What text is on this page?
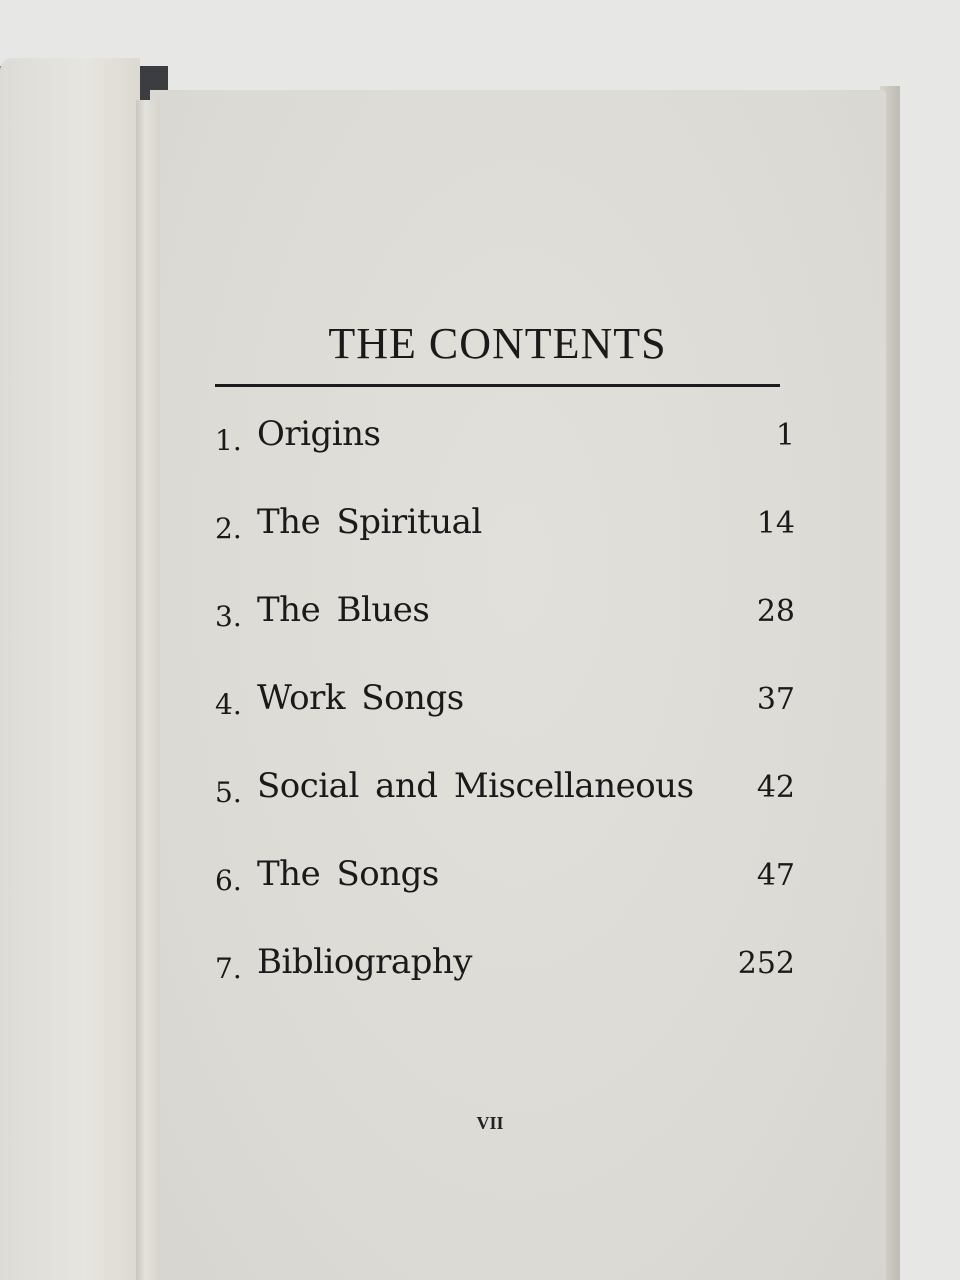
THE CONTENTS
1. Origins	1
2. The Spiritual	14
3. The Blues	28
4. Work Songs	37
5. Social and Miscellaneous 42
6. The Songs	47
7. Bibliography	252
VII
